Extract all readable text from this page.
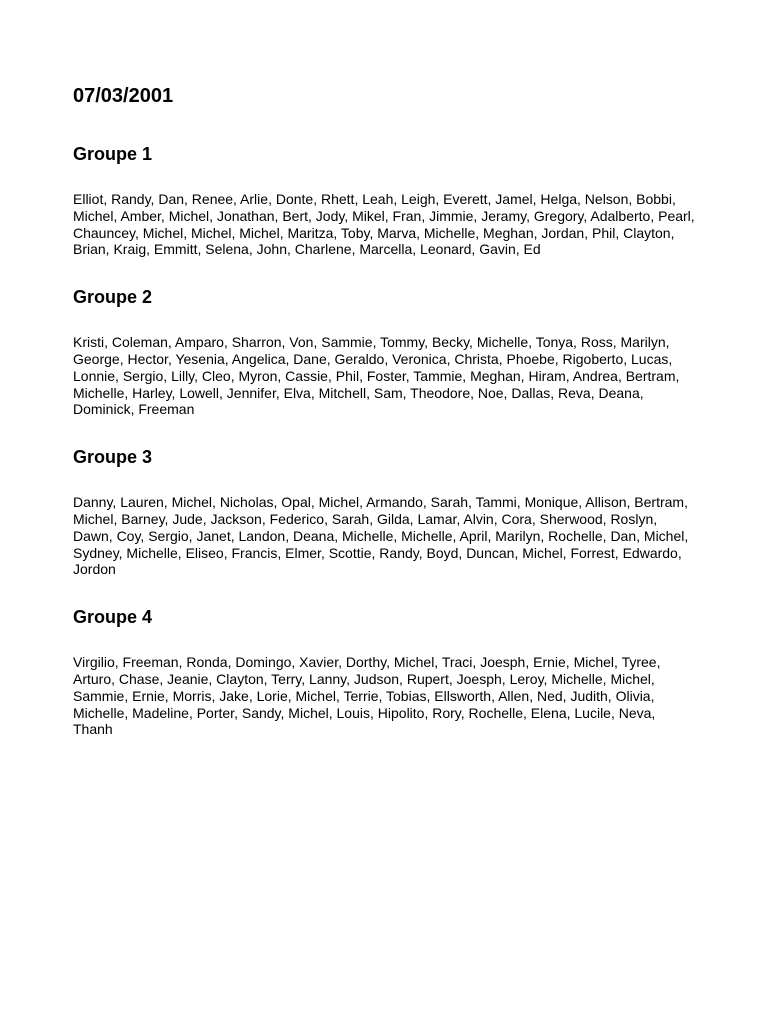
07/03/2001
Groupe 1

Elliot, Randy, Dan, Renee, Arlie, Donte, Rhett, Leah, Leigh, Everett, Jamel, Helga, Nelson, Bobbi, Michel, Amber, Michel, Jonathan, Bert, Jody, Mikel, Fran, Jimmie, Jeramy, Gregory, Adalberto, Pearl, Chauncey, Michel, Michel, Michel, Maritza, Toby, Marva, Michelle, Meghan, Jordan, Phil, Clayton, Brian, Kraig, Emmitt, Selena, John, Charlene, Marcella, Leonard, Gavin, Ed

Groupe 2

Kristi, Coleman, Amparo, Sharron, Von, Sammie, Tommy, Becky, Michelle, Tonya, Ross, Marilyn, George, Hector, Yesenia, Angelica, Dane, Geraldo, Veronica, Christa, Phoebe, Rigoberto, Lucas, Lonnie, Sergio, Lilly, Cleo, Myron, Cassie, Phil, Foster, Tammie, Meghan, Hiram, Andrea, Bertram, Michelle, Harley, Lowell, Jennifer, Elva, Mitchell, Sam, Theodore, Noe, Dallas, Reva, Deana, Dominick, Freeman

Groupe 3

Danny, Lauren, Michel, Nicholas, Opal, Michel, Armando, Sarah, Tammi, Monique, Allison, Bertram, Michel, Barney, Jude, Jackson, Federico, Sarah, Gilda, Lamar, Alvin, Cora, Sherwood, Roslyn, Dawn, Coy, Sergio, Janet, Landon, Deana, Michelle, Michelle, April, Marilyn, Rochelle, Dan, Michel, Sydney, Michelle, Eliseo, Francis, Elmer, Scottie, Randy, Boyd, Duncan, Michel, Forrest, Edwardo, Jordon

Groupe 4

Virgilio, Freeman, Ronda, Domingo, Xavier, Dorthy, Michel, Traci, Joesph, Ernie, Michel, Tyree, Arturo, Chase, Jeanie, Clayton, Terry, Lanny, Judson, Rupert, Joesph, Leroy, Michelle, Michel, Sammie, Ernie, Morris, Jake, Lorie, Michel, Terrie, Tobias, Ellsworth, Allen, Ned, Judith, Olivia, Michelle, Madeline, Porter, Sandy, Michel, Louis, Hipolito, Rory, Rochelle, Elena, Lucile, Neva, Thanh
